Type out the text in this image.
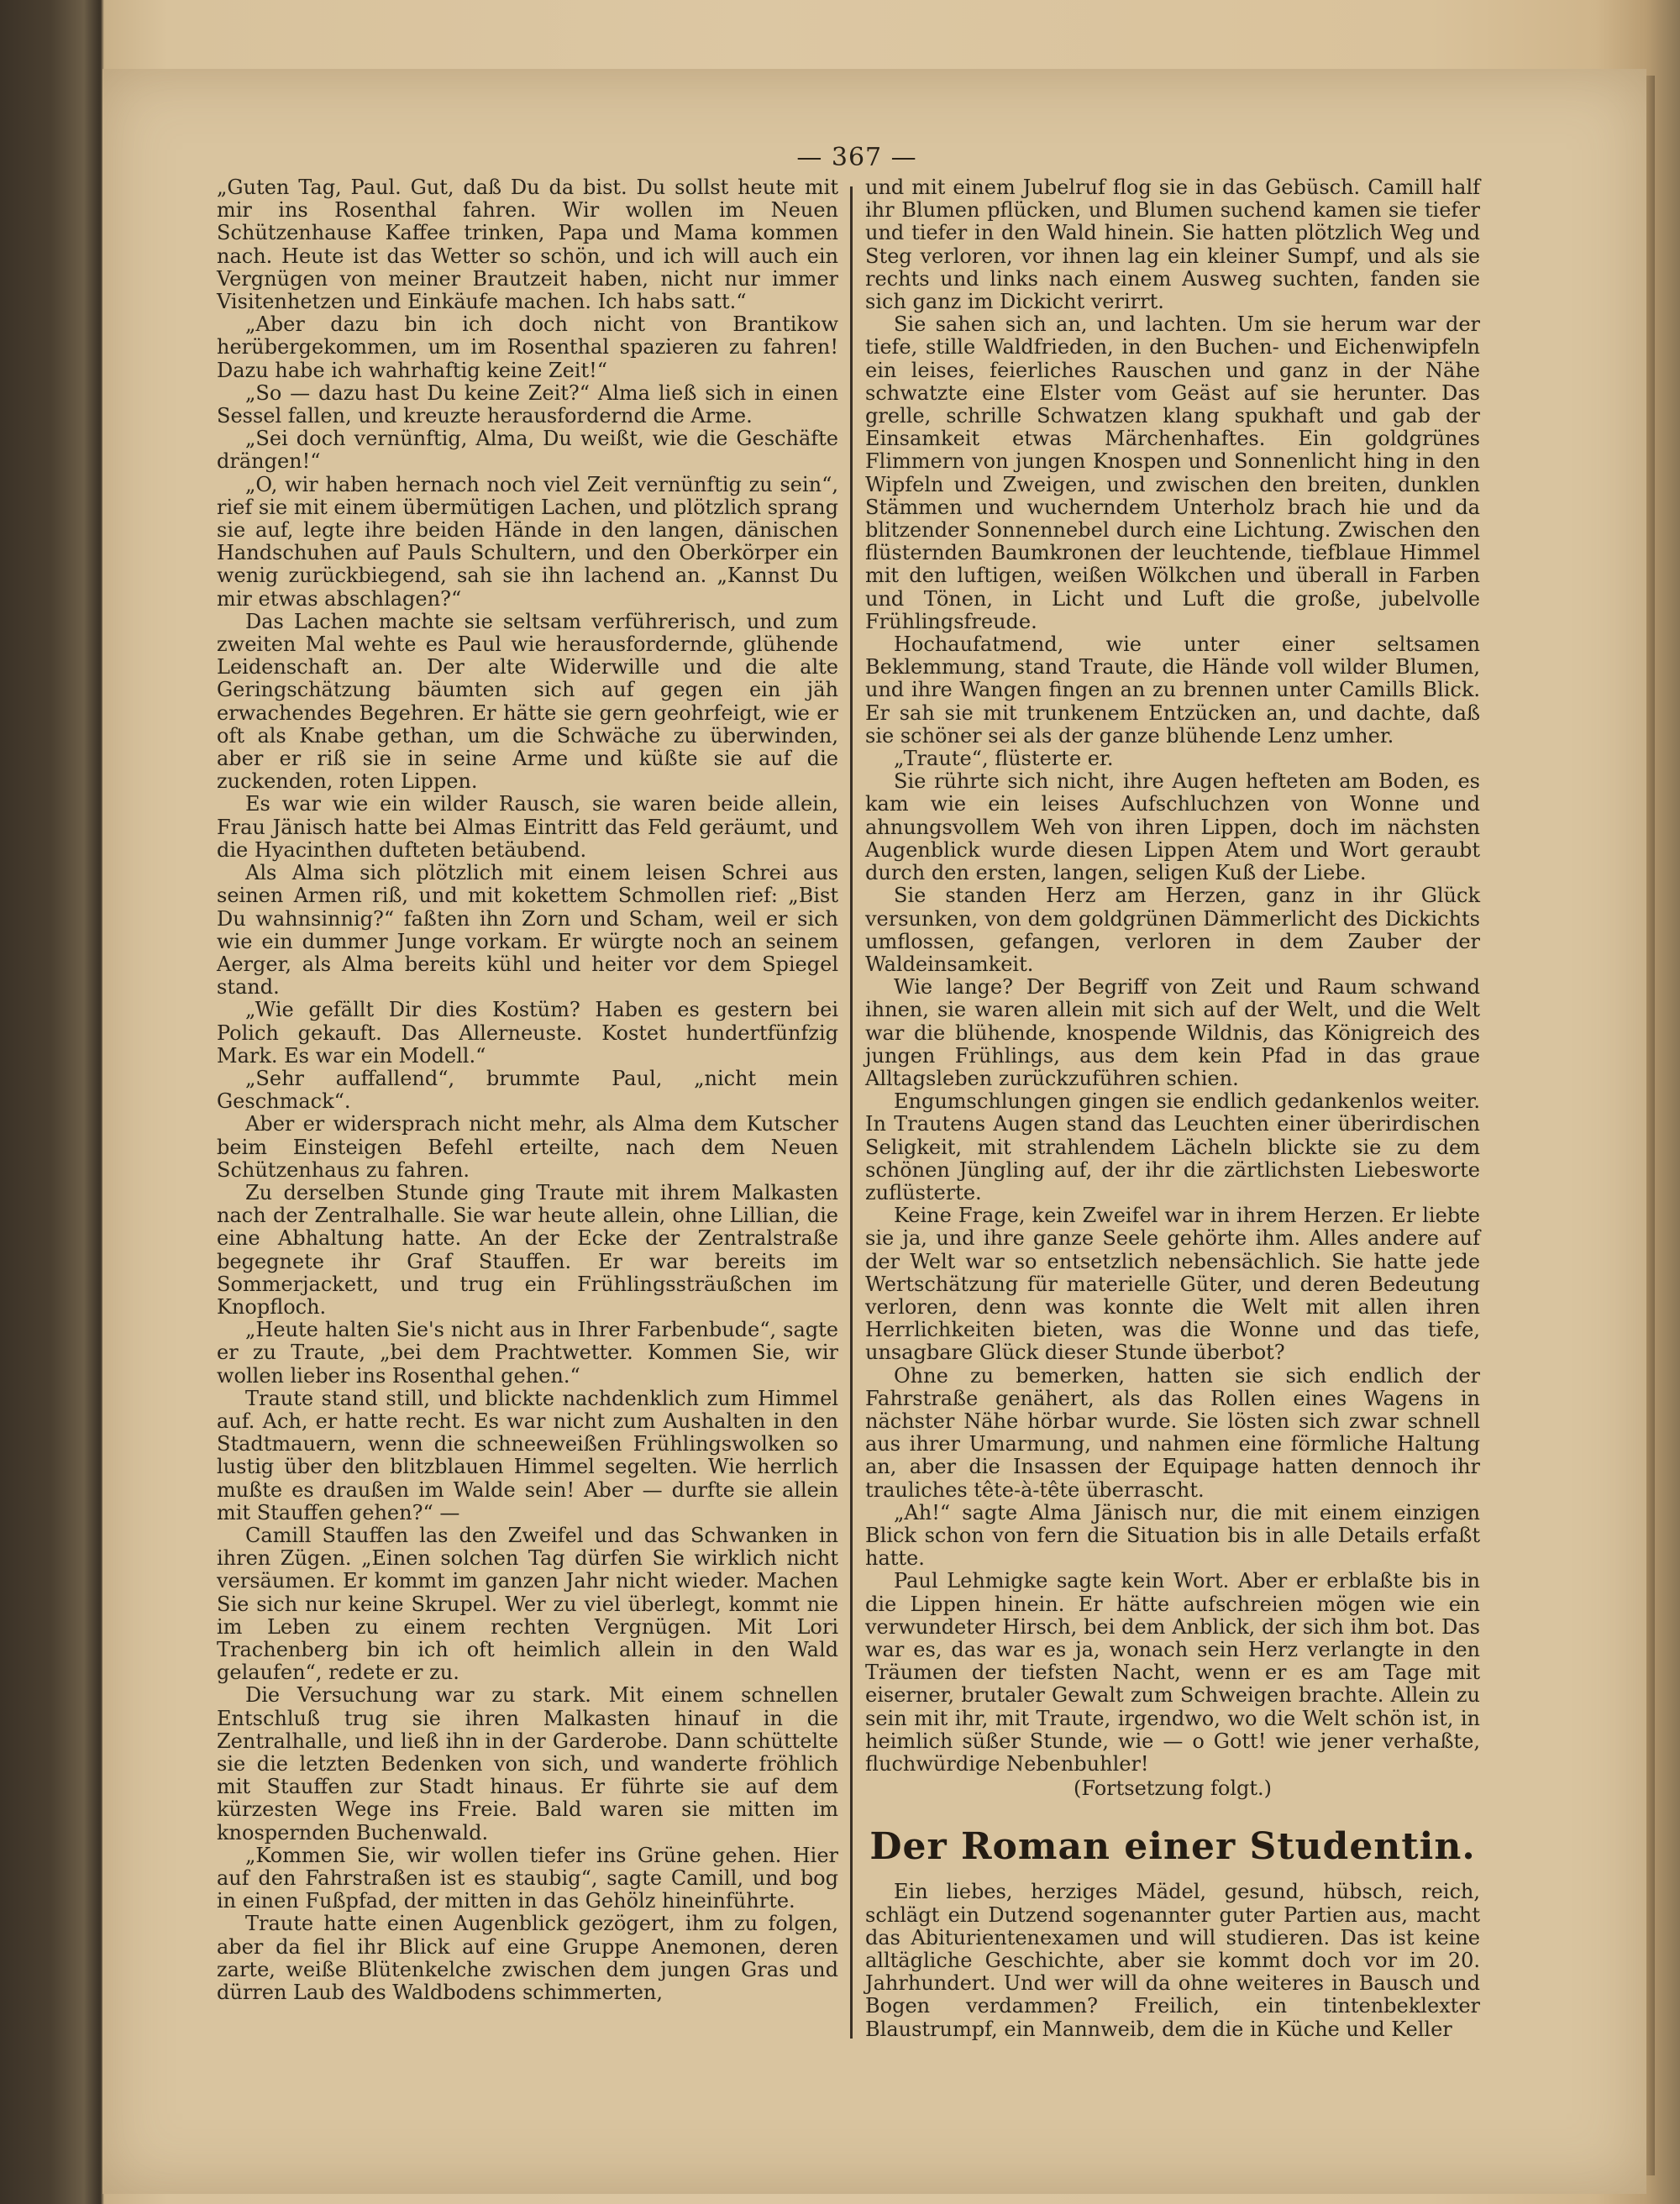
— 367 —

„Guten Tag, Paul. Gut, daß Du da bist. Du sollst heute mit mir ins Rosenthal fahren. Wir wollen im Neuen Schützenhause Kaffee trinken, Papa und Mama kommen nach. Heute ist das Wetter so schön, und ich will auch ein Vergnügen von meiner Brautzeit haben, nicht nur immer Visitenhetzen und Einkäufe machen. Ich habs satt.“

„Aber dazu bin ich doch nicht von Brantikow herübergekommen, um im Rosenthal spazieren zu fahren! Dazu habe ich wahrhaftig keine Zeit!“

„So — dazu hast Du keine Zeit?“ Alma ließ sich in einen Sessel fallen, und kreuzte herausfordernd die Arme.

„Sei doch vernünftig, Alma, Du weißt, wie die Geschäfte drängen!“

„O, wir haben hernach noch viel Zeit vernünftig zu sein“, rief sie mit einem übermütigen Lachen, und plötzlich sprang sie auf, legte ihre beiden Hände in den langen, dänischen Handschuhen auf Pauls Schultern, und den Oberkörper ein wenig zurückbiegend, sah sie ihn lachend an. „Kannst Du mir etwas abschlagen?“

Das Lachen machte sie seltsam verführerisch, und zum zweiten Mal wehte es Paul wie herausfordernde, glühende Leidenschaft an. Der alte Widerwille und die alte Geringschätzung bäumten sich auf gegen ein jäh erwachendes Begehren. Er hätte sie gern geohrfeigt, wie er oft als Knabe gethan, um die Schwäche zu überwinden, aber er riß sie in seine Arme und küßte sie auf die zuckenden, roten Lippen.

Es war wie ein wilder Rausch, sie waren beide allein, Frau Jänisch hatte bei Almas Eintritt das Feld geräumt, und die Hyacinthen dufteten betäubend.

Als Alma sich plötzlich mit einem leisen Schrei aus seinen Armen riß, und mit kokettem Schmollen rief: „Bist Du wahnsinnig?“ faßten ihn Zorn und Scham, weil er sich wie ein dummer Junge vorkam. Er würgte noch an seinem Aerger, als Alma bereits kühl und heiter vor dem Spiegel stand.

„Wie gefällt Dir dies Kostüm? Haben es gestern bei Polich gekauft. Das Allerneuste. Kostet hundertfünfzig Mark. Es war ein Modell.“

„Sehr auffallend“, brummte Paul, „nicht mein Geschmack“.

Aber er widersprach nicht mehr, als Alma dem Kutscher beim Einsteigen Befehl erteilte, nach dem Neuen Schützenhaus zu fahren.

Zu derselben Stunde ging Traute mit ihrem Malkasten nach der Zentralhalle. Sie war heute allein, ohne Lillian, die eine Abhaltung hatte. An der Ecke der Zentralstraße begegnete ihr Graf Stauffen. Er war bereits im Sommerjackett, und trug ein Frühlingssträußchen im Knopfloch.

„Heute halten Sie's nicht aus in Ihrer Farbenbude“, sagte er zu Traute, „bei dem Prachtwetter. Kommen Sie, wir wollen lieber ins Rosenthal gehen.“

Traute stand still, und blickte nachdenklich zum Himmel auf. Ach, er hatte recht. Es war nicht zum Aushalten in den Stadtmauern, wenn die schneeweißen Frühlingswolken so lustig über den blitzblauen Himmel segelten. Wie herrlich mußte es draußen im Walde sein! Aber — durfte sie allein mit Stauffen gehen?“ —

Camill Stauffen las den Zweifel und das Schwanken in ihren Zügen. „Einen solchen Tag dürfen Sie wirklich nicht versäumen. Er kommt im ganzen Jahr nicht wieder. Machen Sie sich nur keine Skrupel. Wer zu viel überlegt, kommt nie im Leben zu einem rechten Vergnügen. Mit Lori Trachenberg bin ich oft heimlich allein in den Wald gelaufen“, redete er zu.

Die Versuchung war zu stark. Mit einem schnellen Entschluß trug sie ihren Malkasten hinauf in die Zentralhalle, und ließ ihn in der Garderobe. Dann schüttelte sie die letzten Bedenken von sich, und wanderte fröhlich mit Stauffen zur Stadt hinaus. Er führte sie auf dem kürzesten Wege ins Freie. Bald waren sie mitten im knospernden Buchenwald.

„Kommen Sie, wir wollen tiefer ins Grüne gehen. Hier auf den Fahrstraßen ist es staubig“, sagte Camill, und bog in einen Fußpfad, der mitten in das Gehölz hineinführte.

Traute hatte einen Augenblick gezögert, ihm zu folgen, aber da fiel ihr Blick auf eine Gruppe Anemonen, deren zarte, weiße Blütenkelche zwischen dem jungen Gras und dürren Laub des Waldbodens schimmerten,

und mit einem Jubelruf flog sie in das Gebüsch. Camill half ihr Blumen pflücken, und Blumen suchend kamen sie tiefer und tiefer in den Wald hinein. Sie hatten plötzlich Weg und Steg verloren, vor ihnen lag ein kleiner Sumpf, und als sie rechts und links nach einem Ausweg suchten, fanden sie sich ganz im Dickicht verirrt.

Sie sahen sich an, und lachten. Um sie herum war der tiefe, stille Waldfrieden, in den Buchen- und Eichenwipfeln ein leises, feierliches Rauschen und ganz in der Nähe schwatzte eine Elster vom Geäst auf sie herunter. Das grelle, schrille Schwatzen klang spukhaft und gab der Einsamkeit etwas Märchenhaftes. Ein goldgrünes Flimmern von jungen Knospen und Sonnenlicht hing in den Wipfeln und Zweigen, und zwischen den breiten, dunklen Stämmen und wucherndem Unterholz brach hie und da blitzender Sonnennebel durch eine Lichtung. Zwischen den flüsternden Baumkronen der leuchtende, tiefblaue Himmel mit den luftigen, weißen Wölkchen und überall in Farben und Tönen, in Licht und Luft die große, jubelvolle Frühlingsfreude.

Hochaufatmend, wie unter einer seltsamen Beklemmung, stand Traute, die Hände voll wilder Blumen, und ihre Wangen fingen an zu brennen unter Camills Blick. Er sah sie mit trunkenem Entzücken an, und dachte, daß sie schöner sei als der ganze blühende Lenz umher.

„Traute“, flüsterte er.

Sie rührte sich nicht, ihre Augen hefteten am Boden, es kam wie ein leises Aufschluchzen von Wonne und ahnungsvollem Weh von ihren Lippen, doch im nächsten Augenblick wurde diesen Lippen Atem und Wort geraubt durch den ersten, langen, seligen Kuß der Liebe.

Sie standen Herz am Herzen, ganz in ihr Glück versunken, von dem goldgrünen Dämmerlicht des Dickichts umflossen, gefangen, verloren in dem Zauber der Waldeinsamkeit.

Wie lange? Der Begriff von Zeit und Raum schwand ihnen, sie waren allein mit sich auf der Welt, und die Welt war die blühende, knospende Wildnis, das Königreich des jungen Frühlings, aus dem kein Pfad in das graue Alltagsleben zurückzuführen schien.

Engumschlungen gingen sie endlich gedankenlos weiter. In Trautens Augen stand das Leuchten einer überirdischen Seligkeit, mit strahlendem Lächeln blickte sie zu dem schönen Jüngling auf, der ihr die zärtlichsten Liebesworte zuflüsterte.

Keine Frage, kein Zweifel war in ihrem Herzen. Er liebte sie ja, und ihre ganze Seele gehörte ihm. Alles andere auf der Welt war so entsetzlich nebensächlich. Sie hatte jede Wertschätzung für materielle Güter, und deren Bedeutung verloren, denn was konnte die Welt mit allen ihren Herrlichkeiten bieten, was die Wonne und das tiefe, unsagbare Glück dieser Stunde überbot?

Ohne zu bemerken, hatten sie sich endlich der Fahrstraße genähert, als das Rollen eines Wagens in nächster Nähe hörbar wurde. Sie lösten sich zwar schnell aus ihrer Umarmung, und nahmen eine förmliche Haltung an, aber die Insassen der Equipage hatten dennoch ihr trauliches tête-à-tête überrascht.

„Ah!“ sagte Alma Jänisch nur, die mit einem einzigen Blick schon von fern die Situation bis in alle Details erfaßt hatte.

Paul Lehmigke sagte kein Wort. Aber er erblaßte bis in die Lippen hinein. Er hätte aufschreien mögen wie ein verwundeter Hirsch, bei dem Anblick, der sich ihm bot. Das war es, das war es ja, wonach sein Herz verlangte in den Träumen der tiefsten Nacht, wenn er es am Tage mit eiserner, brutaler Gewalt zum Schweigen brachte. Allein zu sein mit ihr, mit Traute, irgendwo, wo die Welt schön ist, in heimlich süßer Stunde, wie — o Gott! wie jener verhaßte, fluchwürdige Nebenbuhler!

(Fortsetzung folgt.)

Der Roman einer Studentin.

Ein liebes, herziges Mädel, gesund, hübsch, reich, schlägt ein Dutzend sogenannter guter Partien aus, macht das Abiturientenexamen und will studieren. Das ist keine alltägliche Geschichte, aber sie kommt doch vor im 20. Jahrhundert. Und wer will da ohne weiteres in Bausch und Bogen verdammen? Freilich, ein tintenbeklexter Blaustrumpf, ein Mannweib, dem die in Küche und Keller
